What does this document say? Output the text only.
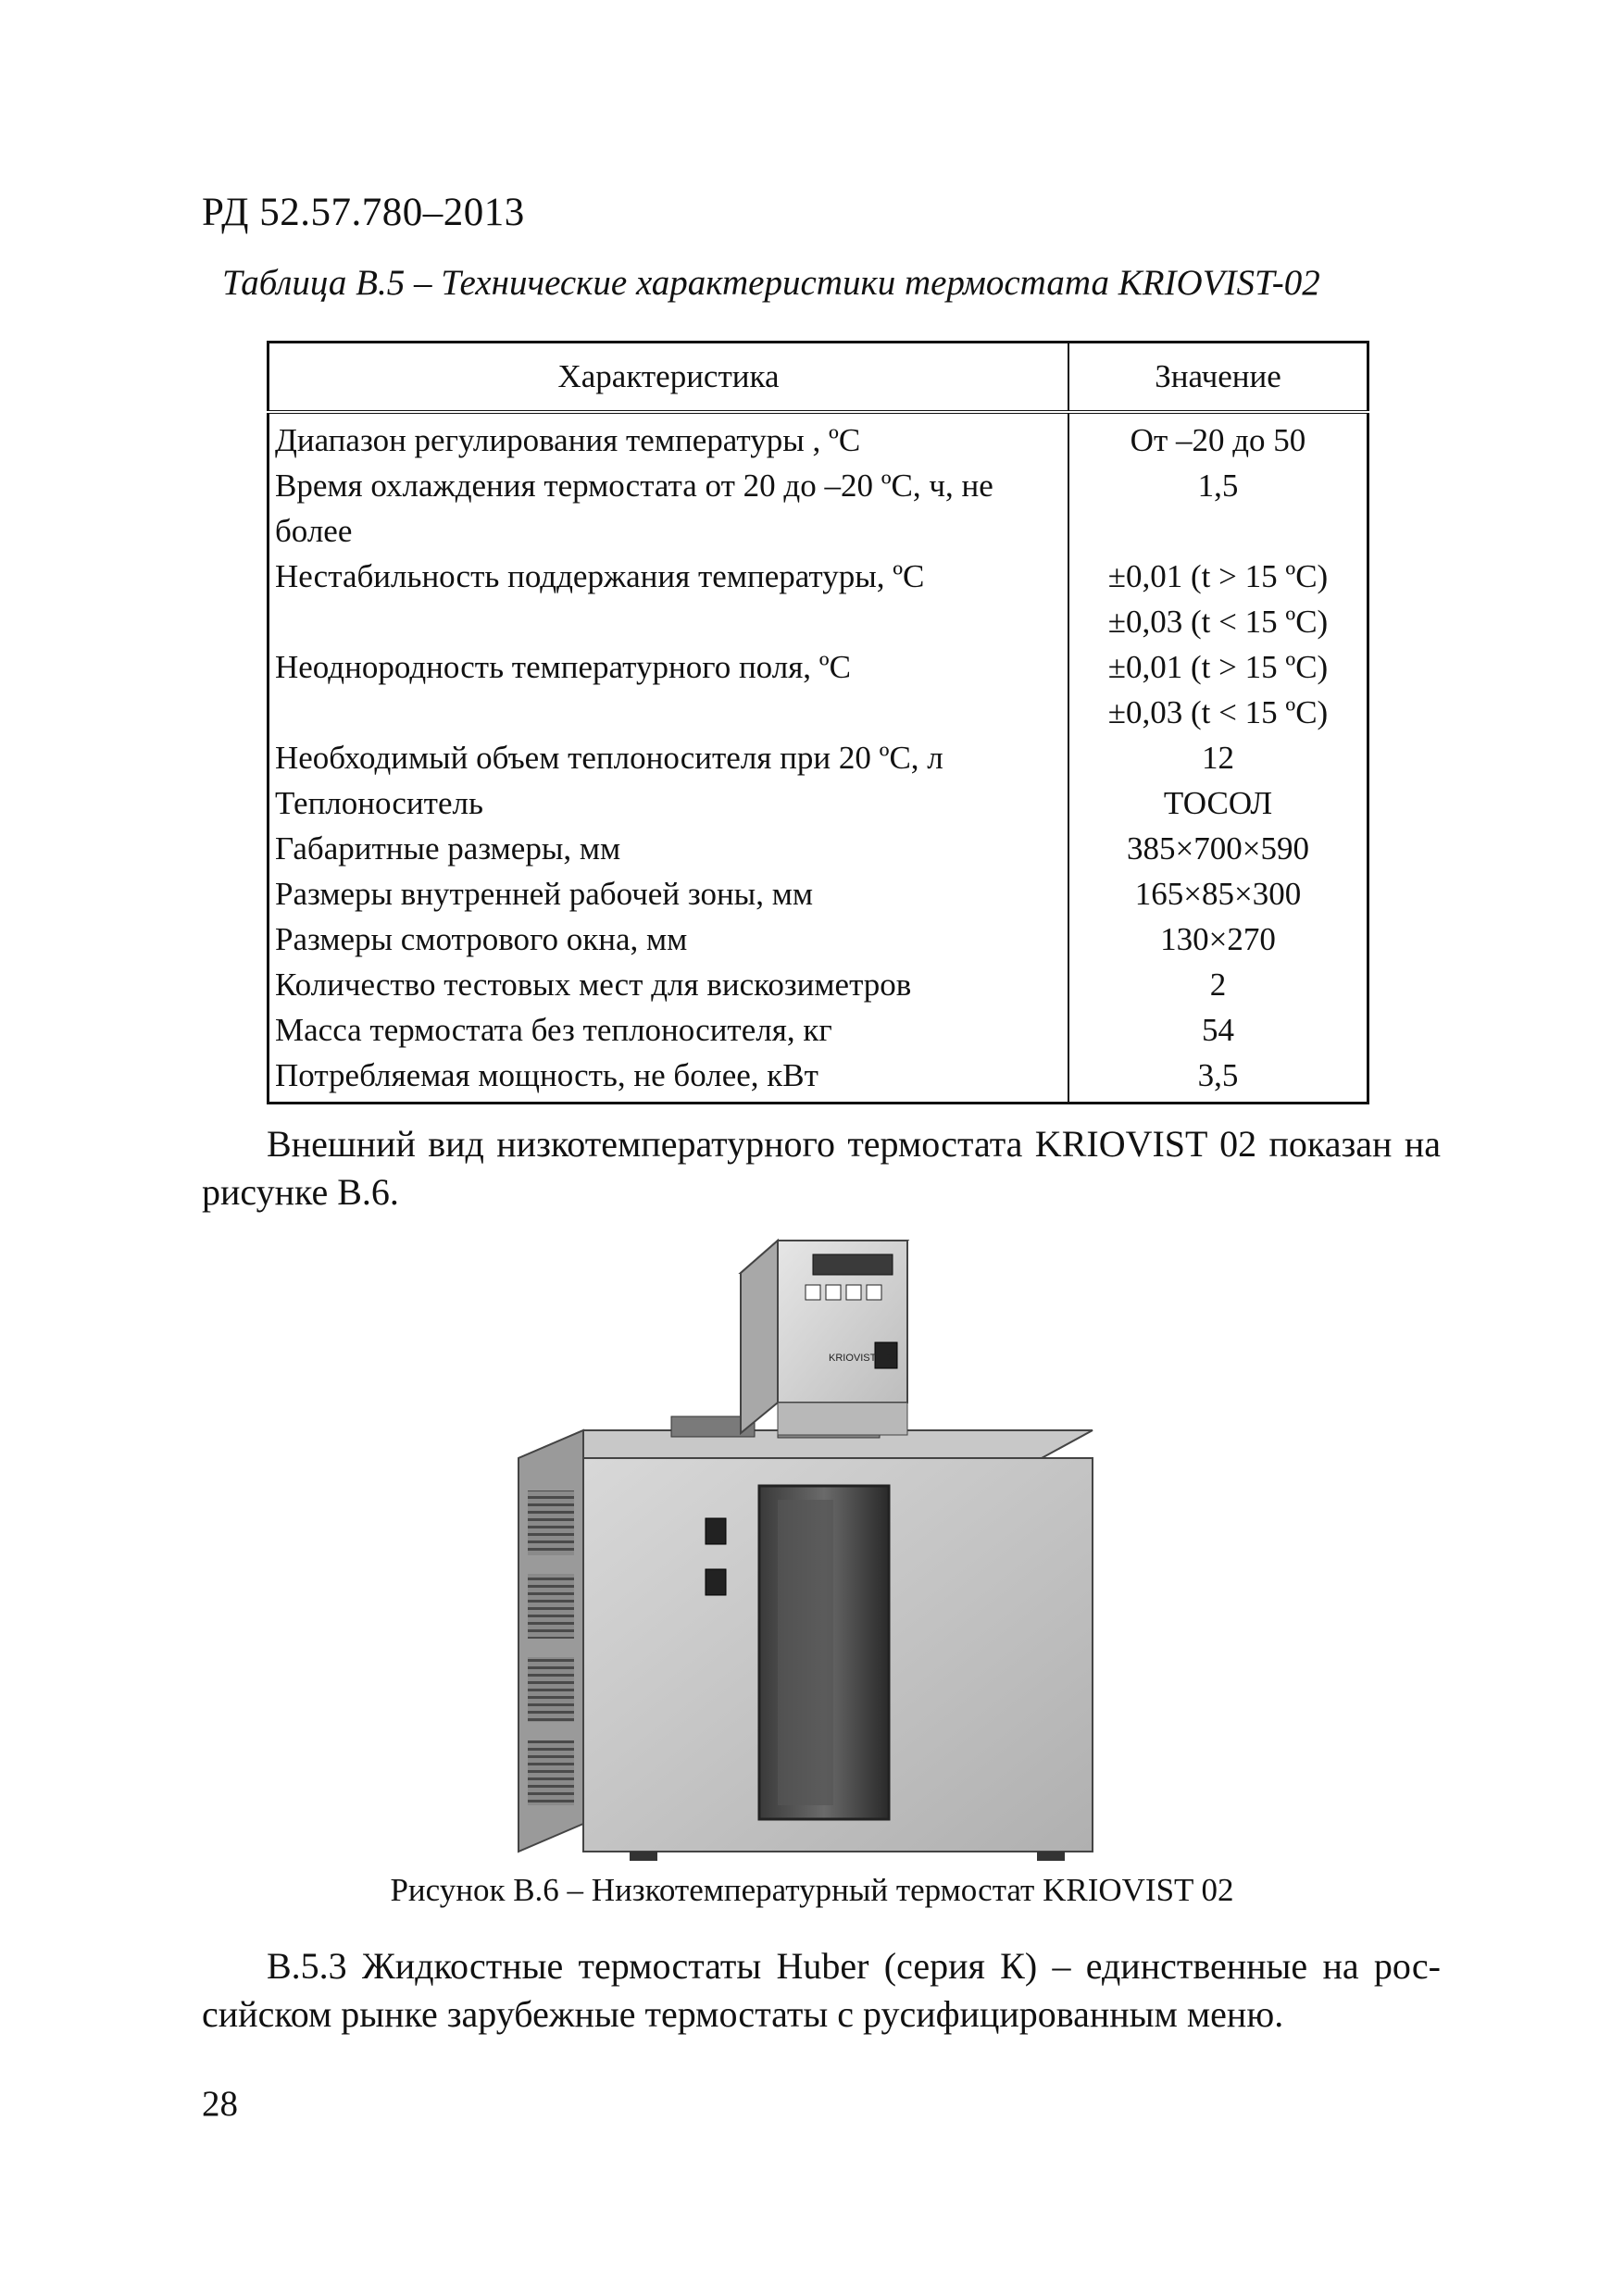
РД 52.57.780–2013
Таблица В.5 – Технические характеристики термостата KRIOVIST-02
Характеристика	Значение
Диапазон регулирования температуры , ºС	От –20 до 50
Время охлаждения термостата от 20 до –20 ºС, ч, не более	1,5
Нестабильность поддержания температуры, ºС	±0,01 (t > 15 ºС)
±0,03 (t < 15 ºС)

Неоднородность температурного поля, ºС	±0,01 (t > 15 ºС)
±0,03 (t < 15 ºС)

Необходимый объем теплоносителя при 20 ºС, л	12
Теплоноситель	ТОСОЛ
Габаритные размеры, мм	385×700×590
Размеры внутренней рабочей зоны, мм	165×85×300
Размеры смотрового окна, мм	130×270
Количество тестовых мест для вискозиметров	2
Масса термостата без теплоносителя, кг	54
Потребляемая мощность, не более, кВт	3,5
Внешний вид низкотемпературного термостата KRIOVIST 02 показан на рисунке В.6.
KRIOVIST - 02
Рисунок В.6 – Низкотемпературный термостат KRIOVIST 02
В.5.3 Жидкостные термостаты Huber (серия К) – единственные на российском рынке зарубежные термостаты с русифицированным меню.
28
